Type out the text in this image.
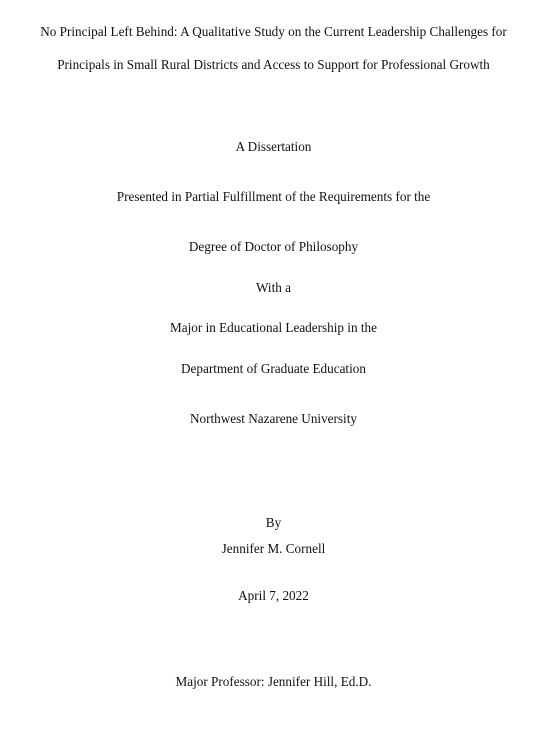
No Principal Left Behind: A Qualitative Study on the Current Leadership Challenges for
Principals in Small Rural Districts and Access to Support for Professional Growth
A Dissertation
Presented in Partial Fulfillment of the Requirements for the
Degree of Doctor of Philosophy
With a
Major in Educational Leadership in the
Department of Graduate Education
Northwest Nazarene University
By
Jennifer M. Cornell
April 7, 2022
Major Professor: Jennifer Hill, Ed.D.
